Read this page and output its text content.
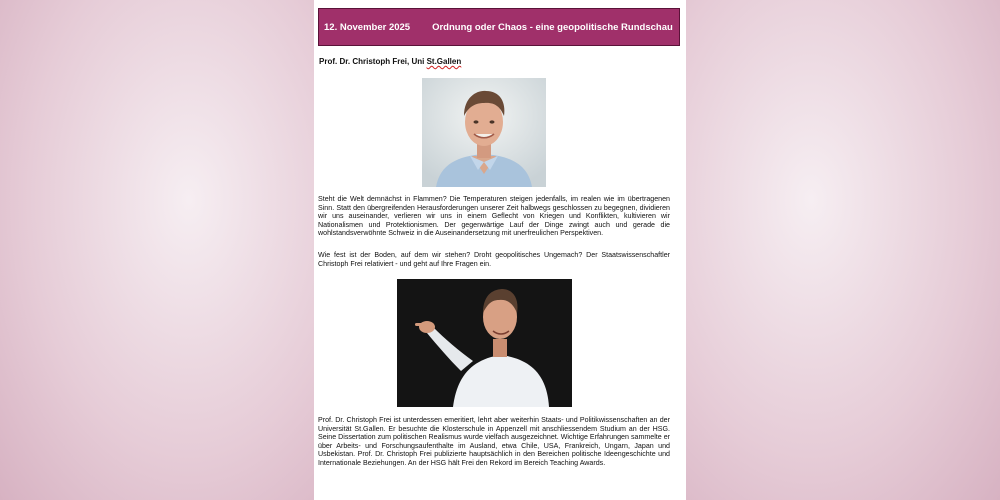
12. November 2025 Ordnung oder Chaos - eine geopolitische Rundschau
Prof. Dr. Christoph Frei, Uni St.Gallen
Steht die Welt demnächst in Flammen? Die Temperaturen steigen jedenfalls, im realen wie im übertragenen Sinn. Statt den übergreifenden Herausforderungen unserer Zeit halbwegs geschlossen zu begegnen, dividieren wir uns auseinander, verlieren wir uns in einem Geflecht von Kriegen und Konflikten, kultivieren wir Nationalismen und Protektionismen. Der gegenwärtige Lauf der Dinge zwingt auch und gerade die wohlstandsverwöhnte Schweiz in die Auseinandersetzung mit unerfreulichen Perspektiven.
Wie fest ist der Boden, auf dem wir stehen? Droht geopolitisches Ungemach? Der Staatswissenschaftler Christoph Frei relativiert - und geht auf Ihre Fragen ein.
Prof. Dr. Christoph Frei ist unterdessen emeritiert, lehrt aber weiterhin Staats- und Politikwissenschaften an der Universität St.Gallen. Er besuchte die Klosterschule in Appenzell mit anschliessendem Studium an der HSG. Seine Dissertation zum politischen Realismus wurde vielfach ausgezeichnet. Wichtige Erfahrungen sammelte er über Arbeits- und Forschungsaufenthalte im Ausland, etwa Chile, USA, Frankreich, Ungarn, Japan und Usbekistan. Prof. Dr. Christoph Frei publizierte hauptsächlich in den Bereichen politische Ideengeschichte und Internationale Beziehungen. An der HSG hält Frei den Rekord im Bereich Teaching Awards.
